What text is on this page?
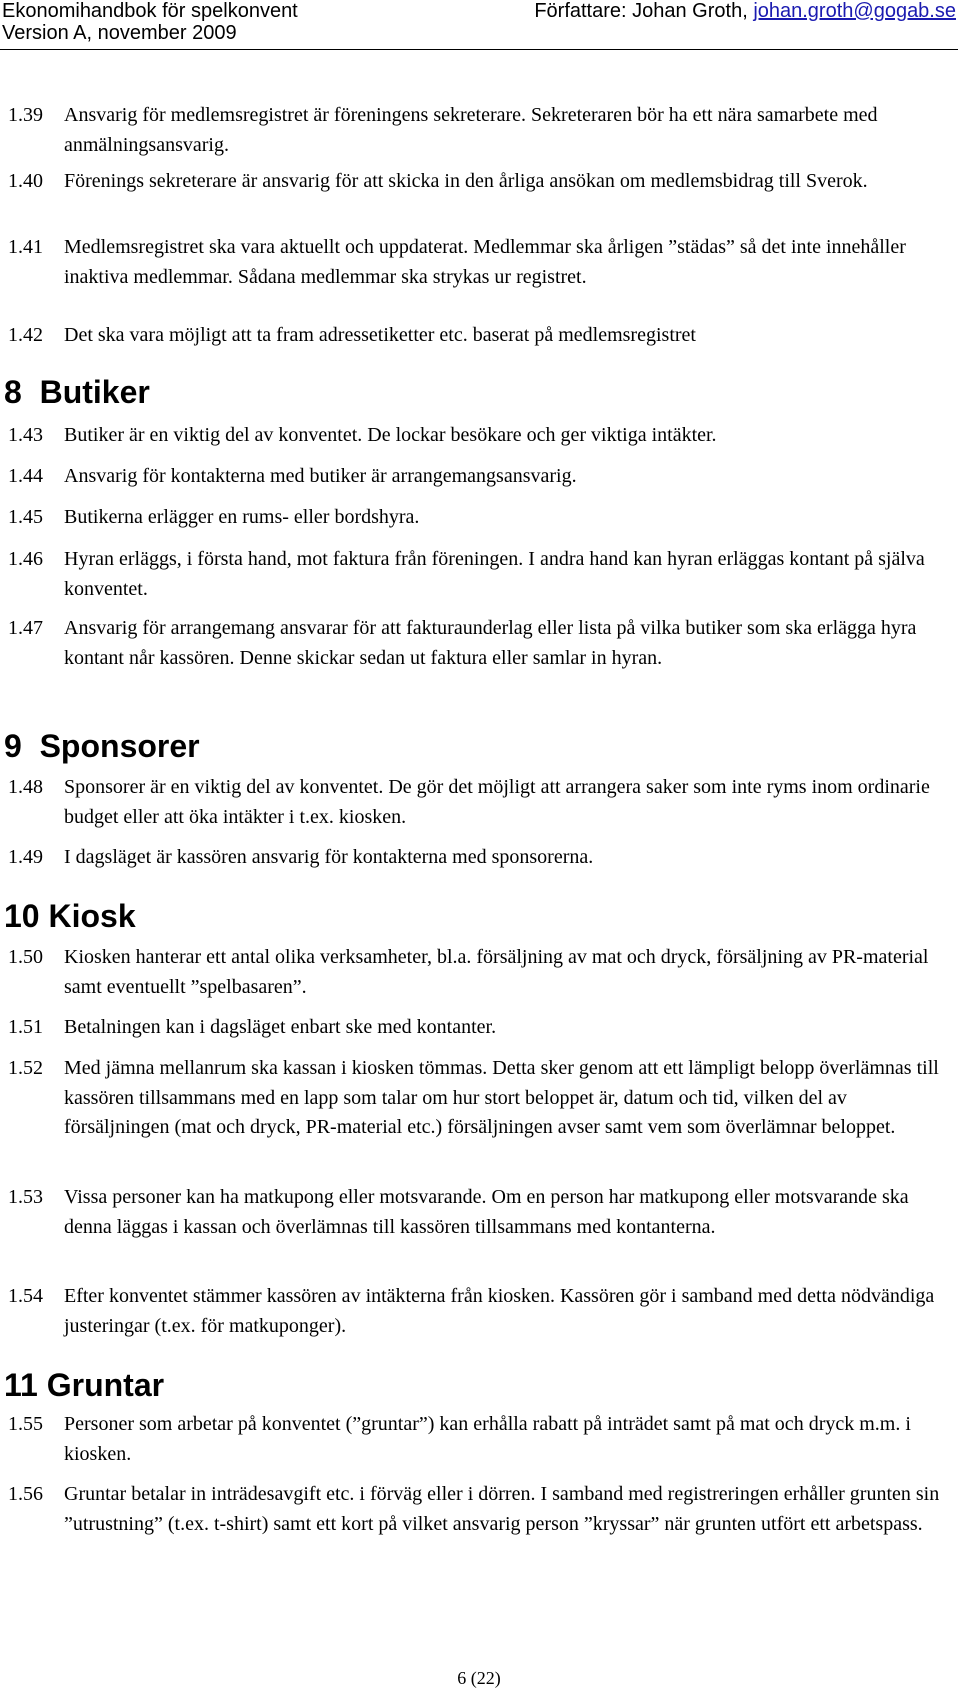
Ekonomihandbok för spelkonvent
Version A, november 2009
Författare: Johan Groth, johan.groth@gogab.se
1.39 Ansvarig för medlemsregistret är föreningens sekreterare. Sekreteraren bör ha ett nära samarbete med anmälningsansvarig.
1.40 Förenings sekreterare är ansvarig för att skicka in den årliga ansökan om medlemsbidrag till Sverok.
1.41 Medlemsregistret ska vara aktuellt och uppdaterat. Medlemmar ska årligen ”städas” så det inte innehåller inaktiva medlemmar. Sådana medlemmar ska strykas ur registret.
1.42 Det ska vara möjligt att ta fram adressetiketter etc. baserat på medlemsregistret
8 Butiker
1.43 Butiker är en viktig del av konventet. De lockar besökare och ger viktiga intäkter.
1.44 Ansvarig för kontakterna med butiker är arrangemangsansvarig.
1.45 Butikerna erlägger en rums- eller bordshyra.
1.46 Hyran erläggs, i första hand, mot faktura från föreningen. I andra hand kan hyran erläggas kontant på själva konventet.
1.47 Ansvarig för arrangemang ansvarar för att fakturaunderlag eller lista på vilka butiker som ska erlägga hyra kontant når kassören. Denne skickar sedan ut faktura eller samlar in hyran.
9 Sponsorer
1.48 Sponsorer är en viktig del av konventet. De gör det möjligt att arrangera saker som inte ryms inom ordinarie budget eller att öka intäkter i t.ex. kiosken.
1.49 I dagsläget är kassören ansvarig för kontakterna med sponsorerna.
10 Kiosk
1.50 Kiosken hanterar ett antal olika verksamheter, bl.a. försäljning av mat och dryck, försäljning av PR-material samt eventuellt ”spelbasaren”.
1.51 Betalningen kan i dagsläget enbart ske med kontanter.
1.52 Med jämna mellanrum ska kassan i kiosken tömmas. Detta sker genom att ett lämpligt belopp överlämnas till kassören tillsammans med en lapp som talar om hur stort beloppet är, datum och tid, vilken del av försäljningen (mat och dryck, PR-material etc.) försäljningen avser samt vem som överlämnar beloppet.
1.53 Vissa personer kan ha matkupong eller motsvarande. Om en person har matkupong eller motsvarande ska denna läggas i kassan och överlämnas till kassören tillsammans med kontanterna.
1.54 Efter konventet stämmer kassören av intäkterna från kiosken. Kassören gör i samband med detta nödvändiga justeringar (t.ex. för matkuponger).
11 Gruntar
1.55 Personer som arbetar på konventet (”gruntar”) kan erhålla rabatt på inträdet samt på mat och dryck m.m. i kiosken.
1.56 Gruntar betalar in inträdesavgift etc. i förväg eller i dörren. I samband med registreringen erhåller grunten sin ”utrustning” (t.ex. t-shirt) samt ett kort på vilket ansvarig person ”kryssar” när grunten utfört ett arbetspass.
6 (22)
